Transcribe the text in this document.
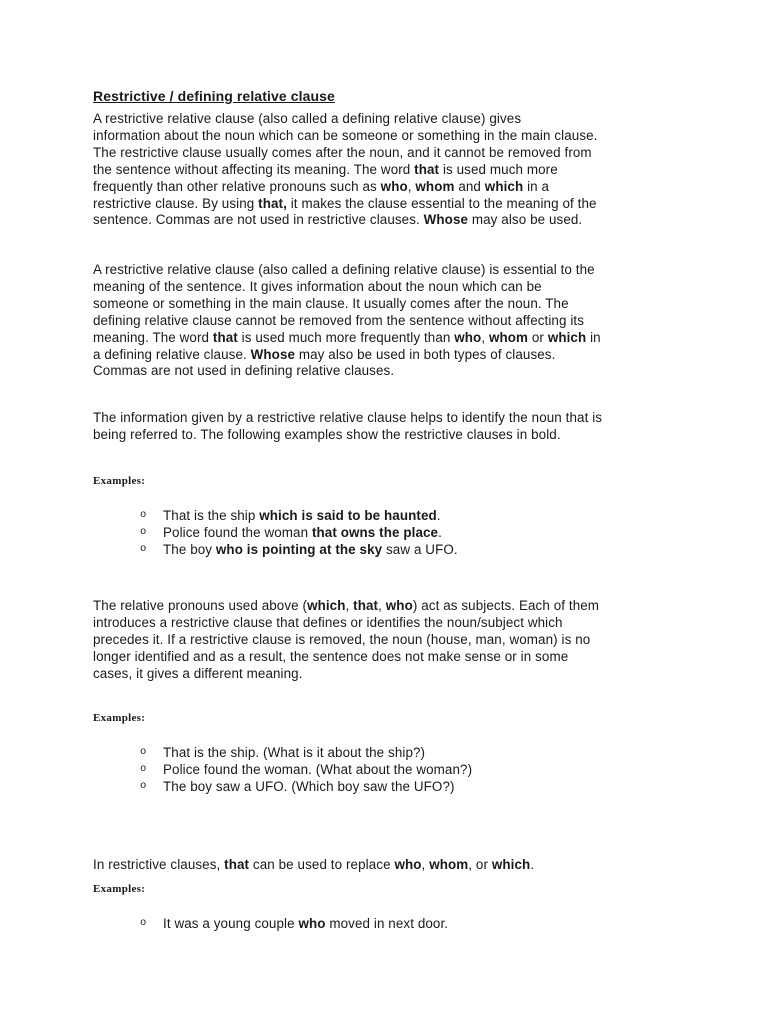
Restrictive / defining relative clause
A restrictive relative clause (also called a defining relative clause) gives
information about the noun which can be someone or something in the main clause.
The restrictive clause usually comes after the noun, and it cannot be removed from
the sentence without affecting its meaning. The word that is used much more
frequently than other relative pronouns such as who, whom and which in a
restrictive clause. By using that, it makes the clause essential to the meaning of the
sentence. Commas are not used in restrictive clauses. Whose may also be used.
A restrictive relative clause (also called a defining relative clause) is essential to the
meaning of the sentence. It gives information about the noun which can be
someone or something in the main clause. It usually comes after the noun. The
defining relative clause cannot be removed from the sentence without affecting its
meaning. The word that is used much more frequently than who, whom or which in
a defining relative clause. Whose may also be used in both types of clauses.
Commas are not used in defining relative clauses.
The information given by a restrictive relative clause helps to identify the noun that is
being referred to. The following examples show the restrictive clauses in bold.
Examples:
o That is the ship which is said to be haunted.
o Police found the woman that owns the place.
o The boy who is pointing at the sky saw a UFO.
The relative pronouns used above (which, that, who) act as subjects. Each of them
introduces a restrictive clause that defines or identifies the noun/subject which
precedes it. If a restrictive clause is removed, the noun (house, man, woman) is no
longer identified and as a result, the sentence does not make sense or in some
cases, it gives a different meaning.
Examples:
o That is the ship. (What is it about the ship?)
o Police found the woman. (What about the woman?)
o The boy saw a UFO. (Which boy saw the UFO?)
In restrictive clauses, that can be used to replace who, whom, or which.
Examples:
o It was a young couple who moved in next door.
